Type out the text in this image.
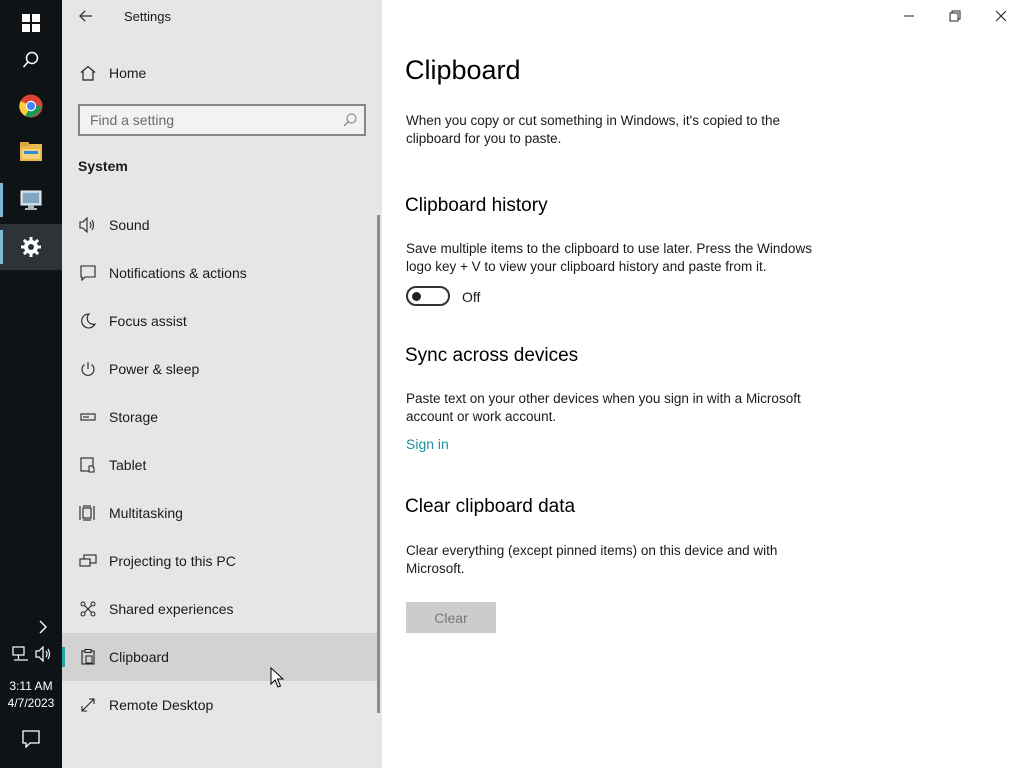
3:11 AM
4/7/2023
Settings
Home
Find a setting
System
Sound
Notifications & actions
Focus assist
Power & sleep
Storage
Tablet
Multitasking
Projecting to this PC
Shared experiences
Clipboard
Remote Desktop
Clipboard

When you copy or cut something in Windows, it's copied to the clipboard for you to paste.

Clipboard history

Save multiple items to the clipboard to use later. Press the Windows logo key + V to view your clipboard history and paste from it.

Off
Sync across devices

Paste text on your other devices when you sign in with a Microsoft account or work account.

Sign in
Clear clipboard data

Clear everything (except pinned items) on this device and with Microsoft.

Clear
